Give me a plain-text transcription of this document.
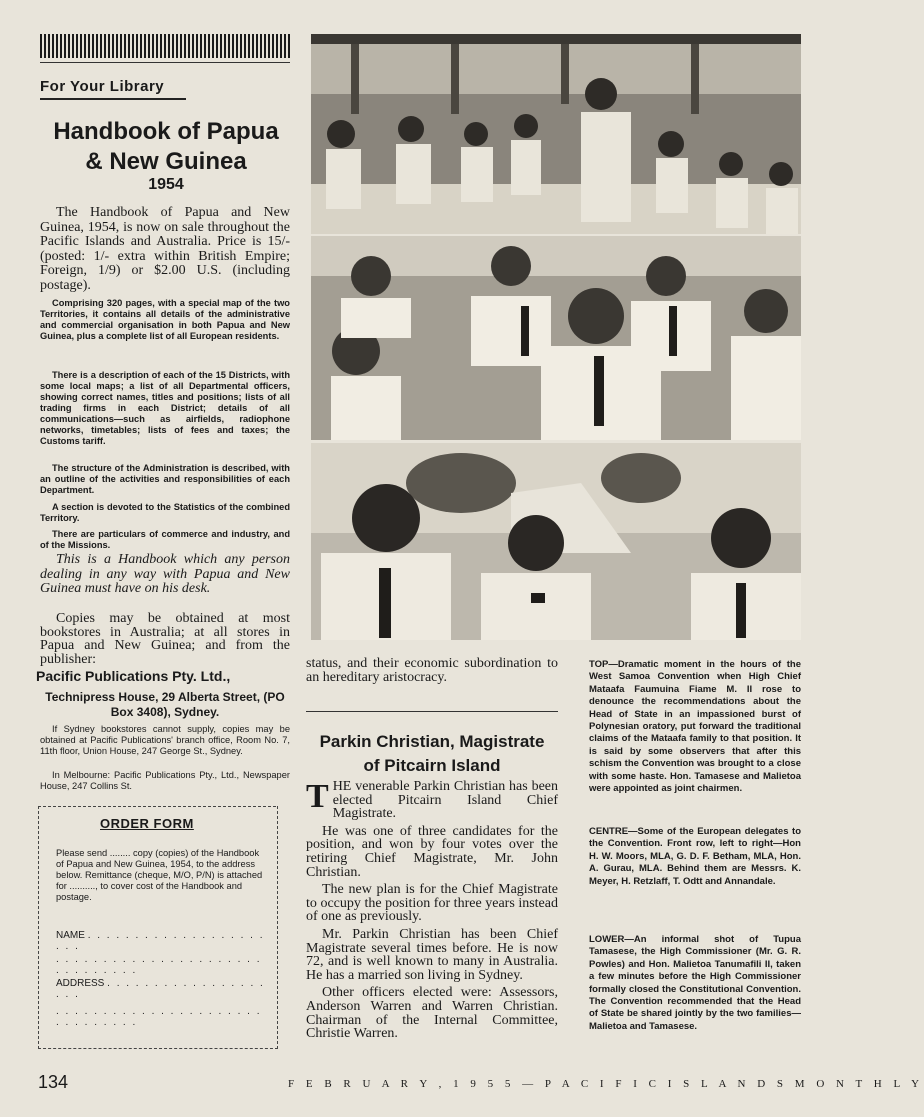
For Your Library
Handbook of Papua
& New Guinea
1954
The Handbook of Papua and New Guinea, 1954, is now on sale throughout the Pacific Islands and Australia. Price is 15/- (posted: 1/- extra within British Empire; Foreign, 1/9) or $2.00 U.S. (including postage).
Comprising 320 pages, with a special map of the two Territories, it contains all details of the administrative and commercial organisation in both Papua and New Guinea, plus a complete list of all European residents.
There is a description of each of the 15 Districts, with some local maps; a list of all Departmental officers, showing correct names, titles and positions; lists of all trading firms in each District; details of all communications—such as airfields, radiophone networks, timetables; lists of fees and taxes; the Customs tariff.
The structure of the Administration is described, with an outline of the activities and responsibilities of each Department.
A section is devoted to the Statistics of the combined Territory.
There are particulars of commerce and industry, and of the Missions.
This is a Handbook which any person dealing in any way with Papua and New Guinea must have on his desk.
Copies may be obtained at most bookstores in Australia; at all stores in Papua and New Guinea; and from the publisher:
Pacific Publications Pty. Ltd.,
Technipress House, 29 Alberta Street, (PO Box 3408), Sydney.
If Sydney bookstores cannot supply, copies may be obtained at Pacific Publications' branch office, Room No. 7, 11th floor, Union House, 247 George St., Sydney.
In Melbourne: Pacific Publications Pty., Ltd., Newspaper House, 247 Collins St.
ORDER FORM
Please send ........ copy (copies) of the Handbook of Papua and New Guinea, 1954, to the address below. Remittance (cheque, M/O, P/N) is attached for .........., to cover cost of the Handbook and postage.
NAME . . . . . . . . . . . . . . . . . . . . . .
. . . . . . . . . . . . . . . . . . . . . . . . . . . . . . .
ADDRESS . . . . . . . . . . . . . . . . . . . .
. . . . . . . . . . . . . . . . . . . . . . . . . . . . . . .
status, and their economic subordination to an hereditary aristocracy.
Parkin Christian, Magistrate
of Pitcairn Island

THE venerable Parkin Christian has been elected Pitcairn Island Chief Magistrate.

He was one of three candidates for the position, and won by four votes over the retiring Chief Magistrate, Mr. John Christian.

The new plan is for the Chief Magistrate to occupy the position for three years instead of one as previously.

Mr. Parkin Christian has been Chief Magistrate several times before. He is now 72, and is well known to many in Australia. He has a married son living in Sydney.

Other officers elected were: Assessors, Anderson Warren and Warren Christian. Chairman of the Internal Committee, Christie Warren.

TOP—Dramatic moment in the hours of the West Samoa Convention when High Chief Mataafa Faumuina Fiame M. II rose to denounce the recommendations about the Head of State in an impassioned burst of Polynesian oratory, put forward the traditional claims of the Mataafa family to that position. It is said by some observers that after this schism the Convention was brought to a close with some haste. Hon. Tamasese and Malietoa were appointed as joint chairmen.
CENTRE—Some of the European delegates to the Convention. Front row, left to right—Hon H. W. Moors, MLA, G. D. F. Betham, MLA, Hon. A. Gurau, MLA. Behind them are Messrs. K. Meyer, H. Retzlaff, T. Odtt and Annandale.
LOWER—An informal shot of Tupua Tamasese, the High Commissioner (Mr. G. R. Powles) and Hon. Malietoa Tanumafili II, taken a few minutes before the High Commissioner formally closed the Constitutional Convention. The Convention recommended that the Head of State be shared jointly by the two families—Malietoa and Tamasese.
134	F E B R U A R Y , 1 9 5 5 — P A C I F I C I S L A N D S M O N T H L Y
